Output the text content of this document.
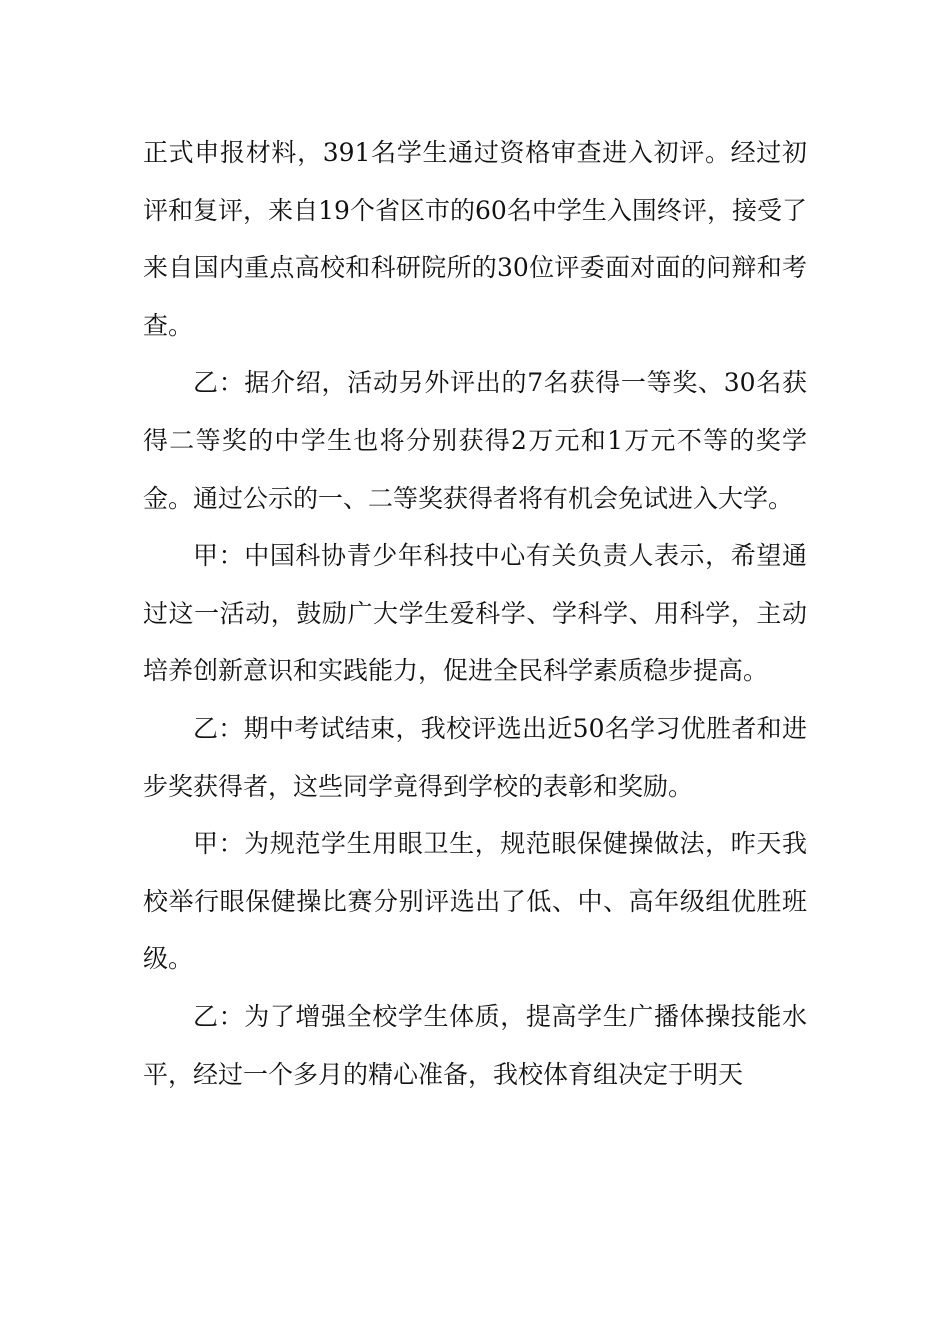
正式申报材料，391名学生通过资格审查进入初评。经过初评和复评，来自19个省区市的60名中学生入围终评，接受了来自国内重点高校和科研院所的30位评委面对面的问辩和考查。

乙：据介绍，活动另外评出的7名获得一等奖、30名获得二等奖的中学生也将分别获得2万元和1万元不等的奖学金。通过公示的一、二等奖获得者将有机会免试进入大学。

甲：中国科协青少年科技中心有关负责人表示，希望通过这一活动，鼓励广大学生爱科学、学科学、用科学，主动培养创新意识和实践能力，促进全民科学素质稳步提高。

乙：期中考试结束，我校评选出近50名学习优胜者和进步奖获得者，这些同学竟得到学校的表彰和奖励。

甲：为规范学生用眼卫生，规范眼保健操做法，昨天我校举行眼保健操比赛分别评选出了低、中、高年级组优胜班级。

乙：为了增强全校学生体质，提高学生广播体操技能水平，经过一个多月的精心准备，我校体育组决定于明天
